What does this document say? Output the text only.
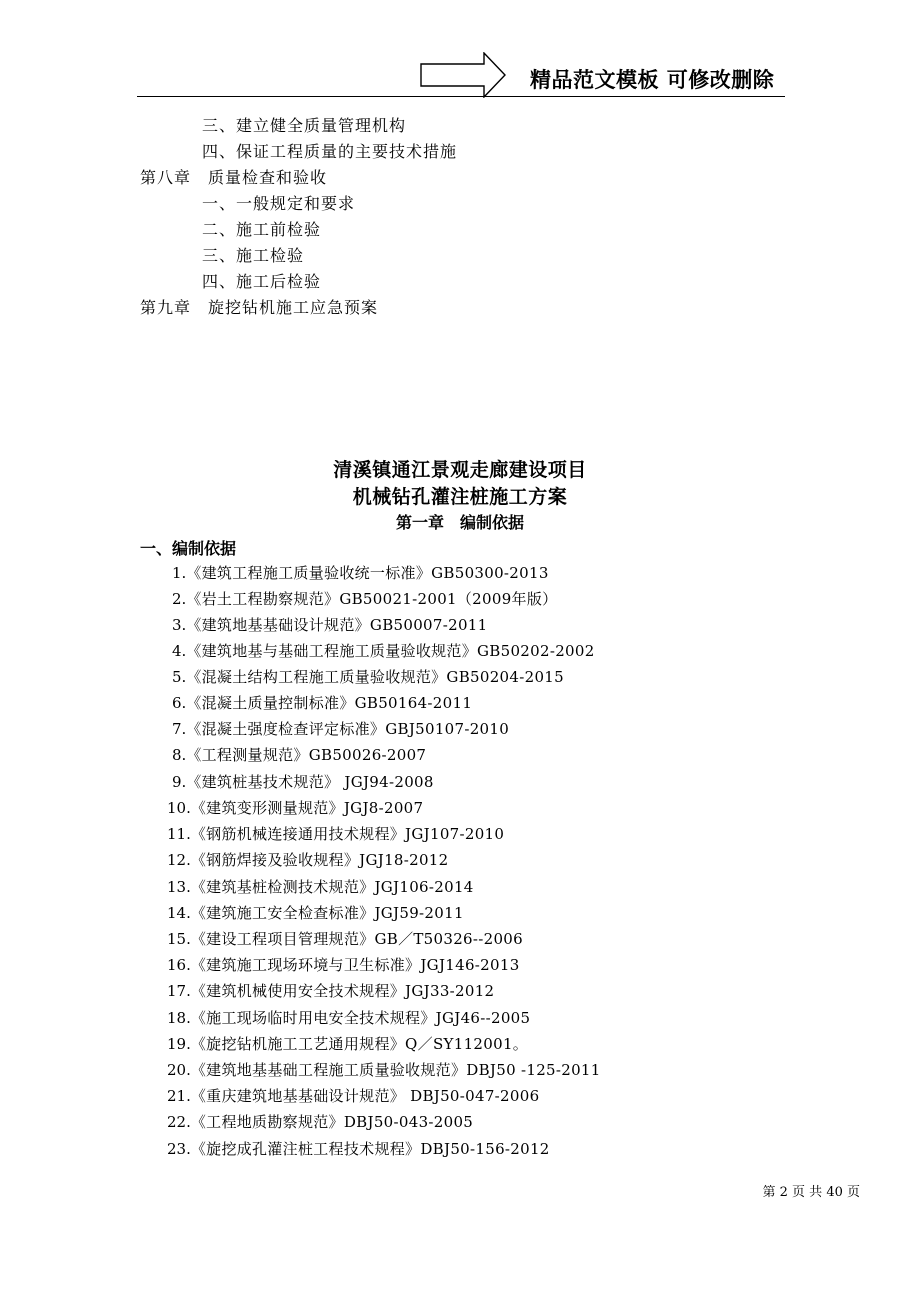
精品范文模板 可修改删除
三、建立健全质量管理机构
四、保证工程质量的主要技术措施
第八章　质量检查和验收
一、一般规定和要求
二、施工前检验
三、施工检验
四、施工后检验
第九章　旋挖钻机施工应急预案
清溪镇通江景观走廊建设项目
机械钻孔灌注桩施工方案
第一章　编制依据
一、编制依据
1.《建筑工程施工质量验收统一标准》GB50300-2013
2.《岩土工程勘察规范》GB50021-2001（2009年版）
3.《建筑地基基础设计规范》GB50007-2011
4.《建筑地基与基础工程施工质量验收规范》GB50202-2002
5.《混凝土结构工程施工质量验收规范》GB50204-2015
6.《混凝土质量控制标准》GB50164-2011
7.《混凝土强度检查评定标准》GBJ50107-2010
8.《工程测量规范》GB50026-2007
9.《建筑桩基技术规范》 JGJ94-2008
10.《建筑变形测量规范》JGJ8-2007
11.《钢筋机械连接通用技术规程》JGJ107-2010
12.《钢筋焊接及验收规程》JGJ18-2012
13.《建筑基桩检测技术规范》JGJ106-2014
14.《建筑施工安全检查标准》JGJ59-2011
15.《建设工程项目管理规范》GB／T50326--2006
16.《建筑施工现场环境与卫生标准》JGJ146-2013
17.《建筑机械使用安全技术规程》JGJ33-2012
18.《施工现场临时用电安全技术规程》JGJ46--2005
19.《旋挖钻机施工工艺通用规程》Q／SY112001。
20.《建筑地基基础工程施工质量验收规范》DBJ50 -125-2011
21.《重庆建筑地基基础设计规范》 DBJ50-047-2006
22.《工程地质勘察规范》DBJ50-043-2005
23.《旋挖成孔灌注桩工程技术规程》DBJ50-156-2012
第 2 页 共 40 页
